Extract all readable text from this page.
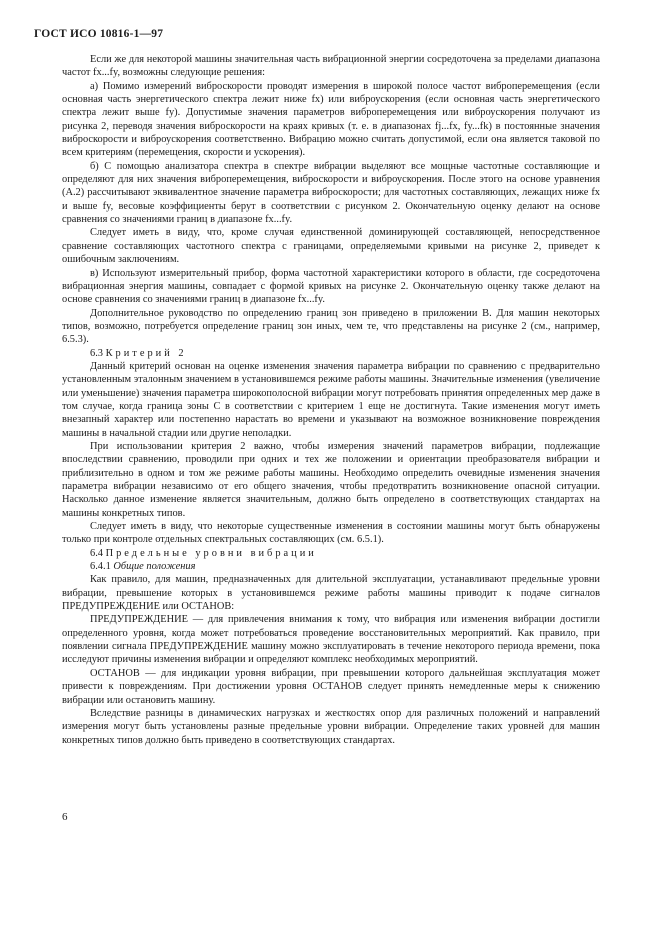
ГОСТ ИСО 10816-1—97

Если же для некоторой машины значительная часть вибрационной энергии сосредоточена за пределами диапазона частот fx...fy, возможны следующие решения:

а) Помимо измерений виброскорости проводят измерения в широкой полосе частот виброперемещения (если основная часть энергетического спектра лежит ниже fx) или виброускорения (если основная часть энергетического спектра лежит выше fy). Допустимые значения параметров виброперемещения или виброускорения получают из рисунка 2, переводя значения виброскорости на краях кривых (т. е. в диапазонах fj...fx, fy...fk) в постоянные значения виброскорости и виброускорения соответственно. Вибрацию можно считать допустимой, если она является таковой по всем критериям (перемещения, скорости и ускорения).

б) С помощью анализатора спектра в спектре вибрации выделяют все мощные частотные составляющие и определяют для них значения виброперемещения, виброскорости и виброускорения. После этого на основе уравнения (А.2) рассчитывают эквивалентное значение параметра виброскорости; для частотных составляющих, лежащих ниже fx и выше fy, весовые коэффициенты берут в соответствии с рисунком 2. Окончательную оценку делают на основе сравнения со значениями границ в диапазоне fx...fy.

Следует иметь в виду, что, кроме случая единственной доминирующей составляющей, непосредственное сравнение составляющих частотного спектра с границами, определяемыми кривыми на рисунке 2, приведет к ошибочным заключениям.

в) Используют измерительный прибор, форма частотной характеристики которого в области, где сосредоточена вибрационная энергия машины, совпадает с формой кривых на рисунке 2. Окончательную оценку также делают на основе сравнения со значениями границ в диапазоне fx...fy.

Дополнительное руководство по определению границ зон приведено в приложении В. Для машин некоторых типов, возможно, потребуется определение границ зон иных, чем те, что представлены на рисунке 2 (см., например, 6.5.3).

6.3 Критерий 2

Данный критерий основан на оценке изменения значения параметра вибрации по сравнению с предварительно установленным эталонным значением в установившемся режиме работы машины. Значительные изменения (увеличение или уменьшение) значения параметра широкополосной вибрации могут потребовать принятия определенных мер даже в том случае, когда граница зоны С в соответствии с критерием 1 еще не достигнута. Такие изменения могут иметь внезапный характер или постепенно нарастать во времени и указывают на возможное возникновение повреждения машины в начальной стадии или другие неполадки.

При использовании критерия 2 важно, чтобы измерения значений параметров вибрации, подлежащие впоследствии сравнению, проводили при одних и тех же положении и ориентации преобразователя вибрации и приблизительно в одном и том же режиме работы машины. Необходимо определить очевидные изменения значения параметра вибрации независимо от его общего значения, чтобы предотвратить возникновение опасной ситуации. Насколько данное изменение является значительным, должно быть определено в соответствующих стандартах на машины конкретных типов.

Следует иметь в виду, что некоторые существенные изменения в состоянии машины могут быть обнаружены только при контроле отдельных спектральных составляющих (см. 6.5.1).

6.4 Предельные уровни вибрации

6.4.1 Общие положения

Как правило, для машин, предназначенных для длительной эксплуатации, устанавливают предельные уровни вибрации, превышение которых в установившемся режиме работы машины приводит к подаче сигналов ПРЕДУПРЕЖДЕНИЕ или ОСТАНОВ:

ПРЕДУПРЕЖДЕНИЕ — для привлечения внимания к тому, что вибрация или изменения вибрации достигли определенного уровня, когда может потребоваться проведение восстановительных мероприятий. Как правило, при появлении сигнала ПРЕДУПРЕЖДЕНИЕ машину можно эксплуатировать в течение некоторого периода времени, пока исследуют причины изменения вибрации и определяют комплекс необходимых мероприятий.

ОСТАНОВ — для индикации уровня вибрации, при превышении которого дальнейшая эксплуатация может привести к повреждениям. При достижении уровня ОСТАНОВ следует принять немедленные меры к снижению вибрации или остановить машину.

Вследствие разницы в динамических нагрузках и жесткостях опор для различных положений и направлений измерения могут быть установлены разные предельные уровни вибрации. Определение таких уровней для машин конкретных типов должно быть приведено в соответствующих стандартах.

6
